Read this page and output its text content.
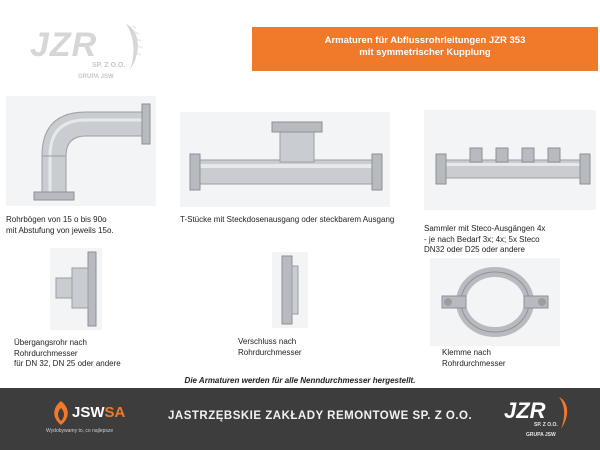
JZR
SP. Z O.O.
GRUPA JSW
Armaturen für Abflussrohrleitungen JZR 353
mit symmetrischer Kupplung
Rohrbögen von 15 o bis 90o
mit Abstufung von jeweils 15o.
T-Stücke mit Steckdosenausgang oder steckbarem Ausgang
Sammler mit Steco-Ausgängen 4x
- je nach Bedarf 3x; 4x; 5x Steco
DN32 oder D25 oder andere
Übergangsrohr nach
Rohrdurchmesser
für DN 32, DN 25 oder andere
Verschluss nach
Rohrdurchmesser	Klemme nach
Rohrdurchmesser
Die Armaturen werden für alle Nenndurchmesser hergestellt.
JSWSA
Wydobywamy to, co najlepsze
JASTRZĘBSKIE ZAKŁADY REMONTOWE SP. Z O.O. JZR
SP. Z O.O.
GRUPA JSW
